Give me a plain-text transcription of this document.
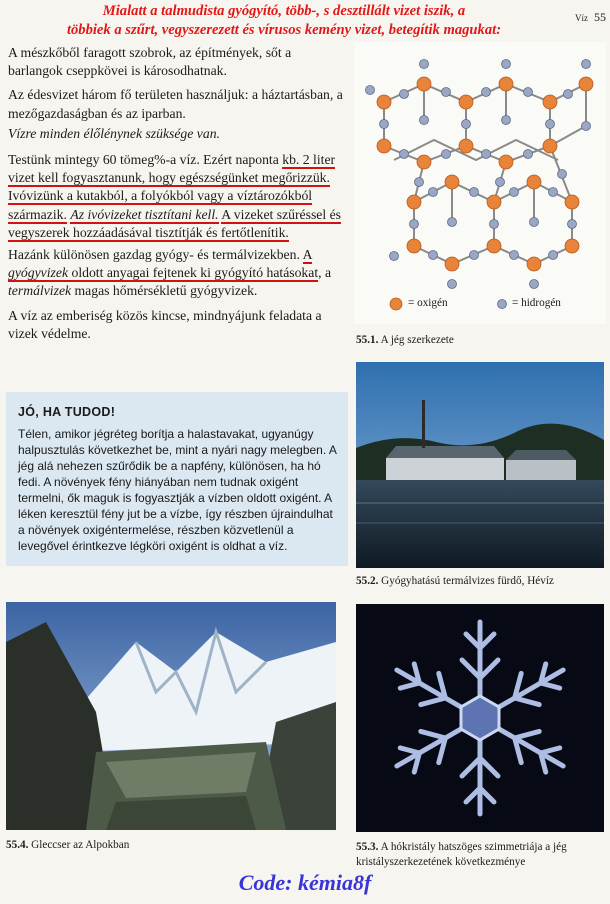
Mialatt a talmudista gyógyító, több-, s desztillált vizet iszik, a
többiek a szűrt, vegyszerezett és vírusos kemény vizet, betegítik magukat:
Víz 55

A mészkőből faragott szobrok, az építmények, sőt a barlangok cseppkövei is károsodhatnak.

Az édesvizet három fő területen használjuk: a háztartásban, a mezőgazdaságban és az iparban.

Vízre minden élőlénynek szüksége van.

Testünk mintegy 60 tömeg%-a víz. Ezért naponta kb. 2 liter vizet kell fogyasztanunk, hogy egészségünket megőrizzük. Ivóvizünk a kutakból, a folyókból vagy a víztározókból származik. Az ivóvizeket tisztítani kell. A vizeket szűréssel és vegyszerek hozzáadásával tisztítják és fertőtlenítik.

Hazánk különösen gazdag gyógy- és termálvizekben. A gyógyvizek oldott anyagai fejtenek ki gyógyító hatásokat, a termálvizek magas hőmérsékletű gyógyvizek.

A víz az emberiség közös kincse, mindnyájunk feladata a vizek védelme.

JÓ, HA TUDOD!
Télen, amikor jégréteg borítja a halastavakat, ugyanúgy halpusztulás következhet be, mint a nyári nagy melegben. A jég alá nehezen szűrődik be a napfény, különösen, ha hó fedi. A növények fény hiányában nem tudnak oxigént termelni, ők maguk is fogyasztják a vízben oldott oxigént. A léken keresztül fény jut be a vízbe, így részben újraindulhat a növények oxigéntermelése, részben közvetlenül a levegővel érintkezve légköri oxigént is oldhat a víz.
= oxigén	= hidrogén
55.1. A jég szerkezete
55.2. Gyógyhatású termálvizes fürdő, Hévíz
55.4. Gleccser az Alpokban	55.3. A hókristály hatszöges szimmetriája a jég kristályszerkezetének következménye
Code: kémia8f
